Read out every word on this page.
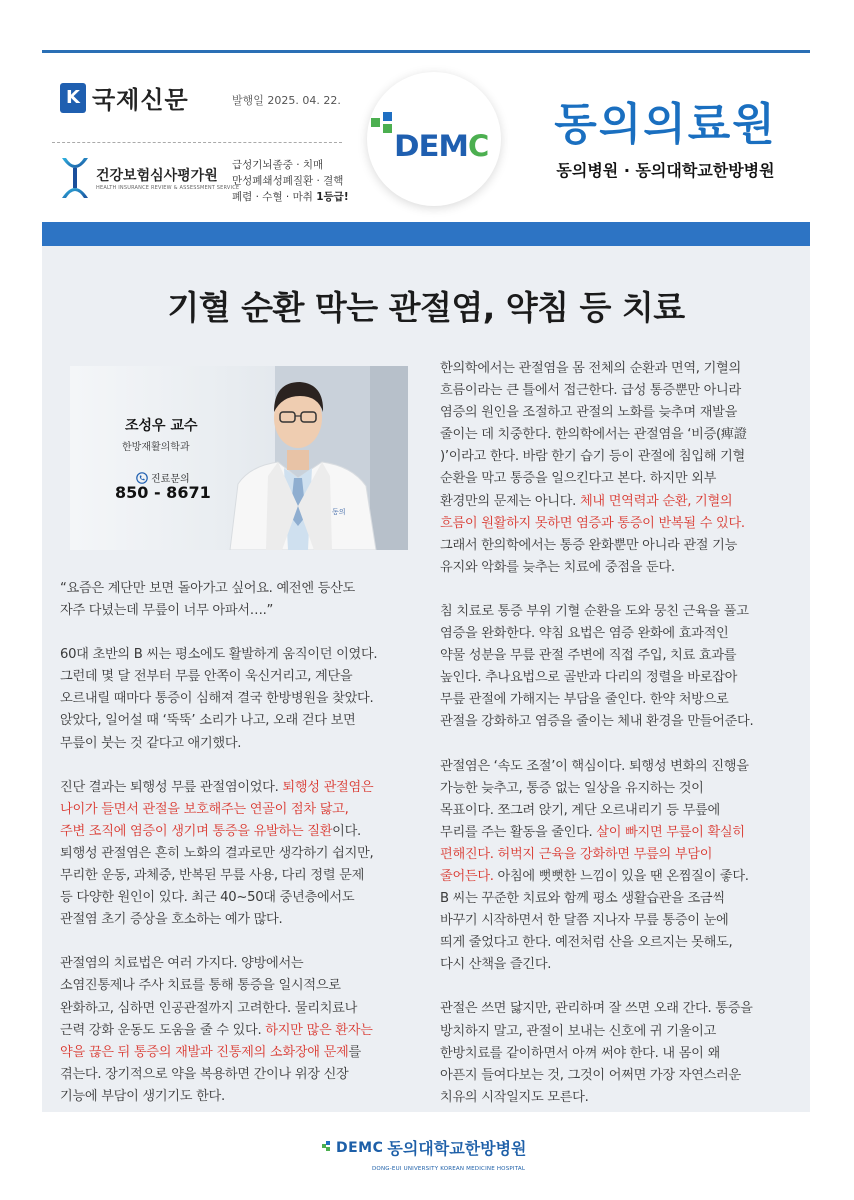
K 국제신문	발행일 2025. 04. 22.
건강보험심사평가원
HEALTH INSURANCE REVIEW & ASSESSMENT SERVICE
급성기뇌졸중 · 치매
만성폐쇄성폐질환 · 결핵
폐렴 · 수혈 · 마취 1등급!
DEM C	동의의료원
동의병원 · 동의대학교한방병원
기혈 순환 막는 관절염, 약침 등 치료
동의
조성우 교수
한방재활의학과
진료문의
850 - 8671

“요즘은 계단만 보면 돌아가고 싶어요. 예전엔 등산도

자주 다녔는데 무릎이 너무 아파서….”

60대 초반의 B 씨는 평소에도 활발하게 움직이던 이였다.

그런데 몇 달 전부터 무릎 안쪽이 욱신거리고, 계단을

오르내릴 때마다 통증이 심해져 결국 한방병원을 찾았다.

앉았다, 일어설 때 ‘뚝뚝’ 소리가 나고, 오래 걷다 보면

무릎이 붓는 것 같다고 애기했다.

진단 결과는 퇴행성 무릎 관절염이었다. 퇴행성 관절염은

나이가 들면서 관절을 보호해주는 연골이 점차 닳고,

주변 조직에 염증이 생기며 통증을 유발하는 질환이다.

퇴행성 관절염은 흔히 노화의 결과로만 생각하기 쉽지만,

무리한 운동, 과체중, 반복된 무릎 사용, 다리 정렬 문제

등 다양한 원인이 있다. 최근 40~50대 중년층에서도

관절염 초기 증상을 호소하는 예가 많다.

관절염의 치료법은 여러 가지다. 양방에서는

소염진통제나 주사 치료를 통해 통증을 일시적으로

완화하고, 심하면 인공관절까지 고려한다. 물리치료나

근력 강화 운동도 도움을 줄 수 있다. 하지만 많은 환자는

약을 끊은 뒤 통증의 재발과 진통제의 소화장애 문제를

겪는다. 장기적으로 약을 복용하면 간이나 위장 신장

기능에 부담이 생기기도 한다.

한의학에서는 관절염을 몸 전체의 순환과 면역, 기혈의

흐름이라는 큰 틀에서 접근한다. 급성 통증뿐만 아니라

염증의 원인을 조절하고 관절의 노화를 늦추며 재발을

줄이는 데 치중한다. 한의학에서는 관절염을 ‘비증(痺證

)’이라고 한다. 바람 한기 습기 등이 관절에 침입해 기혈

순환을 막고 통증을 일으킨다고 본다. 하지만 외부

환경만의 문제는 아니다. 체내 면역력과 순환, 기혈의

흐름이 원활하지 못하면 염증과 통증이 반복될 수 있다.

그래서 한의학에서는 통증 완화뿐만 아니라 관절 기능

유지와 악화를 늦추는 치료에 중점을 둔다.

침 치료로 통증 부위 기혈 순환을 도와 뭉친 근육을 풀고

염증을 완화한다. 약침 요법은 염증 완화에 효과적인

약물 성분을 무릎 관절 주변에 직접 주입, 치료 효과를

높인다. 추나요법으로 골반과 다리의 정렬을 바로잡아

무릎 관절에 가해지는 부담을 줄인다. 한약 처방으로

관절을 강화하고 염증을 줄이는 체내 환경을 만들어준다.

관절염은 ‘속도 조절’이 핵심이다. 퇴행성 변화의 진행을

가능한 늦추고, 통증 없는 일상을 유지하는 것이

목표이다. 쪼그려 앉기, 계단 오르내리기 등 무릎에

무리를 주는 활동을 줄인다. 살이 빠지면 무릎이 확실히

편해진다. 허벅지 근육을 강화하면 무릎의 부담이

줄어든다. 아침에 뻣뻣한 느낌이 있을 땐 온찜질이 좋다.

B 씨는 꾸준한 치료와 함께 평소 생활습관을 조금씩

바꾸기 시작하면서 한 달쯤 지나자 무릎 통증이 눈에

띄게 줄었다고 한다. 예전처럼 산을 오르지는 못해도,

다시 산책을 즐긴다.

관절은 쓰면 닳지만, 관리하며 잘 쓰면 오래 간다. 통증을

방치하지 말고, 관절이 보내는 신호에 귀 기울이고

한방치료를 같이하면서 아껴 써야 한다. 내 몸이 왜

아픈지 들여다보는 것, 그것이 어쩌면 가장 자연스러운

치유의 시작일지도 모른다.

DEMC 동의대학교한방병원
DONG-EUI UNIVERSITY KOREAN MEDICINE HOSPITAL
